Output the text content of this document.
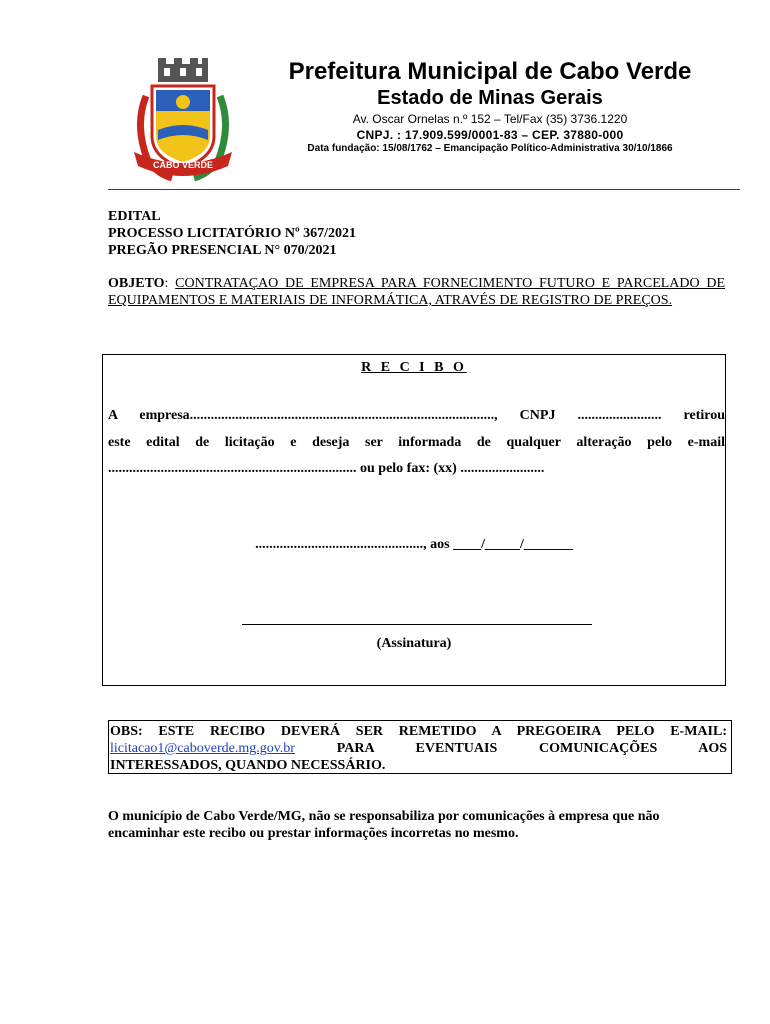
CABO VERDE
Prefeitura Municipal de Cabo Verde
Estado de Minas Gerais
Av. Oscar Ornelas n.º 152 – Tel/Fax (35) 3736.1220
CNPJ. : 17.909.599/0001-83 – CEP. 37880-000
Data fundação: 15/08/1762 – Emancipação Político-Administrativa 30/10/1866
EDITAL
PROCESSO LICITATÓRIO Nº 367/2021
PREGÃO PRESENCIAL N° 070/2021
OBJETO: CONTRATAÇAO DE EMPRESA PARA FORNECIMENTO FUTURO E PARCELADO DE EQUIPAMENTOS E MATERIAIS DE INFORMÁTICA, ATRAVÉS DE REGISTRO DE PREÇOS.
R E C I B O
A empresa......................................................................................., CNPJ ........................ retirou
este edital de licitação e deseja ser informada de qualquer alteração pelo e-mail
....................................................................... ou pelo fax: (xx) ........................
................................................, aos ____/_____/_______
(Assinatura)
OBS: ESTE RECIBO DEVERÁ SER REMETIDO A PREGOEIRA PELO E-MAIL:
licitacao1@caboverde.mg.gov.br	PARA EVENTUAIS COMUNICAÇÕES AOS
INTERESSADOS, QUANDO NECESSÁRIO.
O município de Cabo Verde/MG, não se responsabiliza por comunicações à empresa que não encaminhar este recibo ou prestar informações incorretas no mesmo.
